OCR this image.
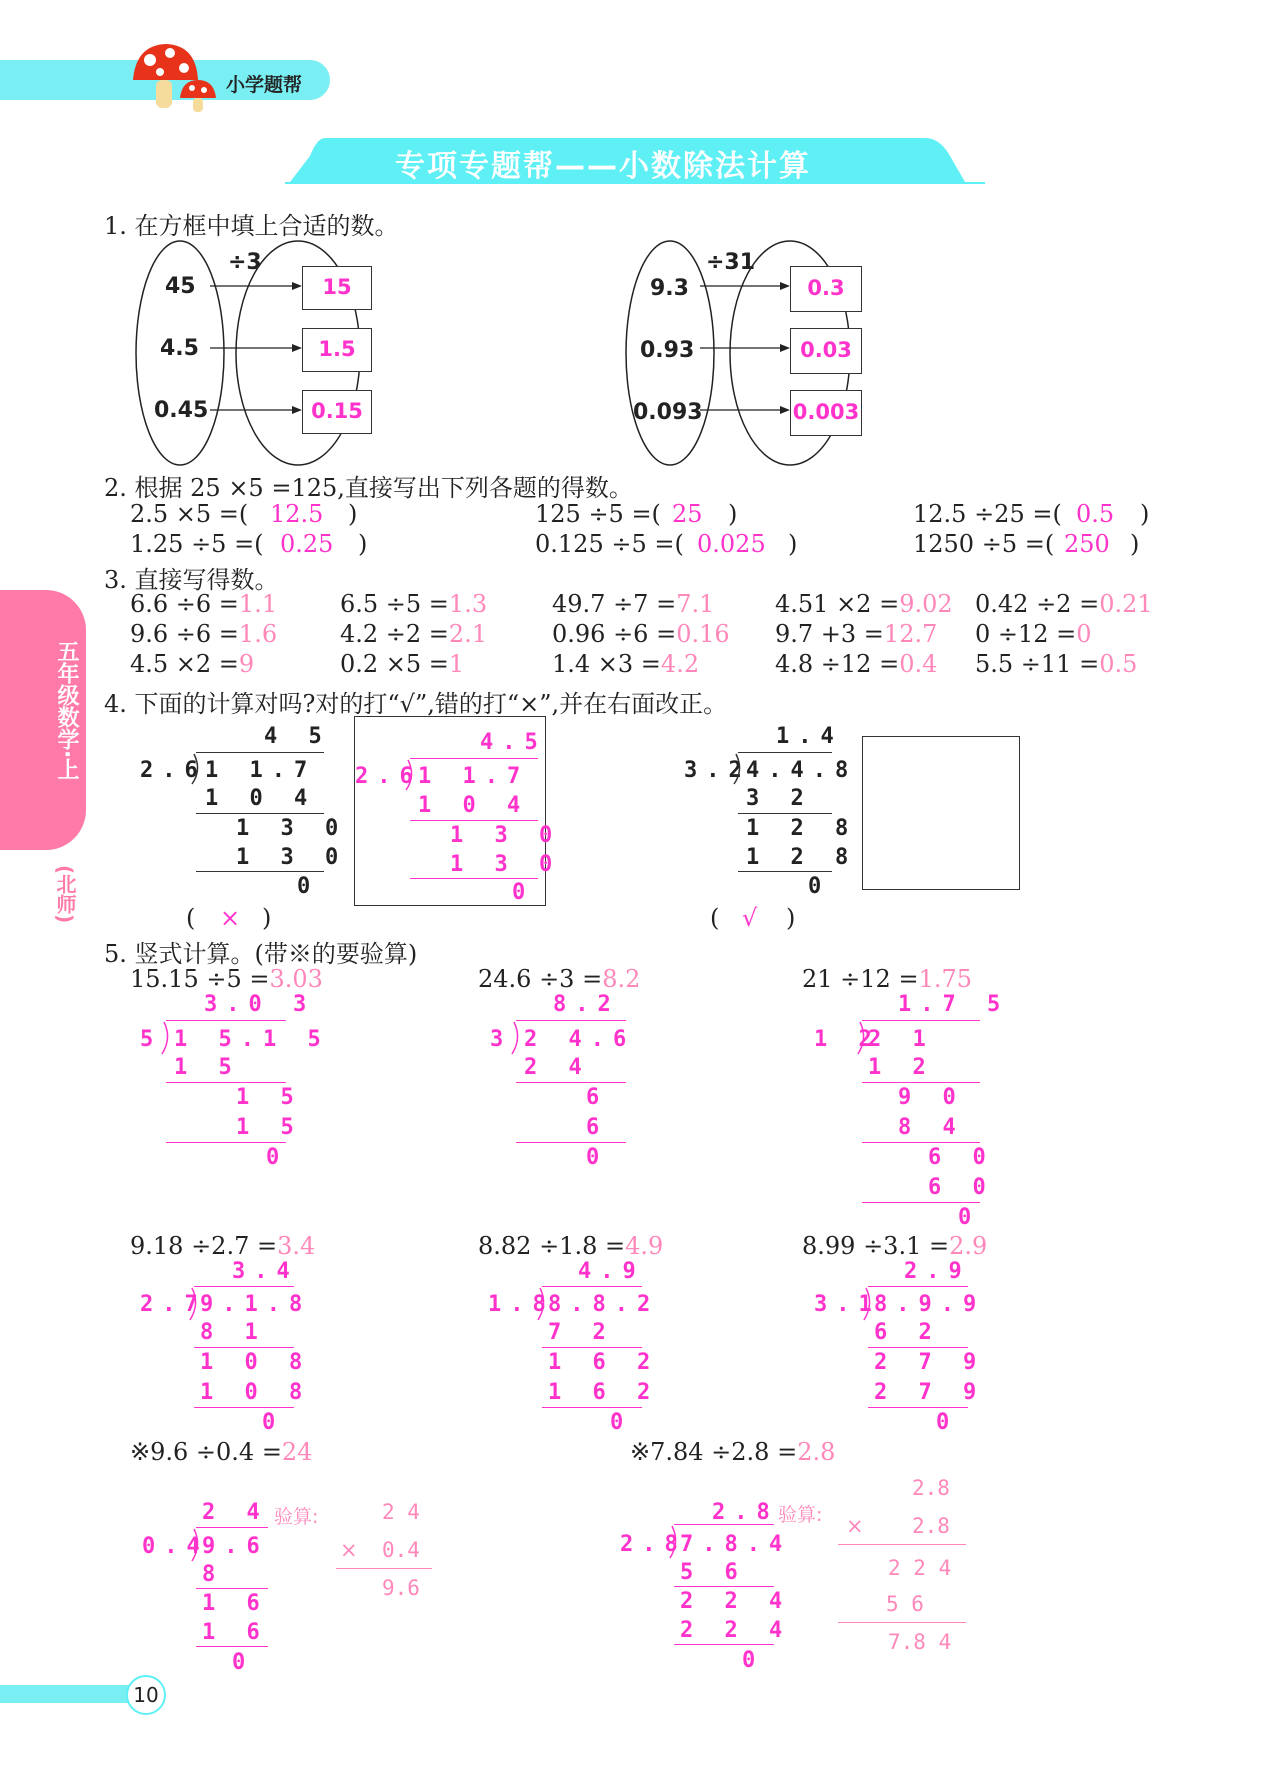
小学题帮
专项专题帮——小数除法计算
五年级数学·上
(北师)
10
1. 在方框中填上合适的数。
÷3
45
4.5
0.45
15
1.5
0.15
÷31
9.3
0.93
0.093
0.3
0.03
0.003
2. 根据 25 ×5 =125,直接写出下列各题的得数。
2.5 ×5 =( 12.5 )	125 ÷5 =( 25 )	12.5 ÷25 =( 0.5 )
1.25 ÷5 =( 0.25 )	0.125 ÷5 =( 0.025 )	1250 ÷5 =( 250 )
3. 直接写得数。
6.6 ÷6 =1.1	6.5 ÷5 =1.3	49.7 ÷7 =7.1	4.51 ×2 =9.02 0.42 ÷2 =0.21
9.6 ÷6 =1.6	4.2 ÷2 =2.1	0.96 ÷6 =0.16 9.7 +3 =12.7 0 ÷12 =0
4.5 ×2 =9	0.2 ×5 =1	1.4 ×3 =4.2	4.8 ÷12 =0.4 5.5 ÷11 =0.5
4. 下面的计算对吗?对的打“√”,错的打“×”,并在右面改正。
4 5
2.6
1 1.7
1 0 4
1 3 0
1 3 0
0
( × )
4.5
2.6
1 1.7
1 0 4
1 3 0
1 3 0
0
1.4
3.2
4.4.8
3 2
1 2 8
1 2 8
0
( √ )
5. 竖式计算。(带※的要验算)
15.15 ÷5 =3.03
3.0 3
5 1 5.1 5
1 5
1 5
1 5
0
24.6 ÷3 =8.2
8.2
3 2 4.6
2 4
6
6
0
21 ÷12 =1.75
1.7 5
1 2
2 1
1 2
9 0
8 4
6 0
6 0
0
9.18 ÷2.7 =3.4
3.4
2.7
9.1.8
8 1
1 0 8
1 0 8
0
8.82 ÷1.8 =4.9
4.9
1.8
8.8.2
7 2
1 6 2
1 6 2
0
8.99 ÷3.1 =2.9
2.9
3.1
8.9.9
6 2
2 7 9
2 7 9
0
※9.6 ÷0.4 =24
2 4
0.4
9.6
8
1 6
1 6
0
验算:	2 4
× 0.4
9.6
※7.84 ÷2.8 =2.8
2.8
2.8
7.8.4
5 6
2 2 4
2 2 4
0
验算:
2.8
× 2.8
2 2 4
5 6
7.8 4
